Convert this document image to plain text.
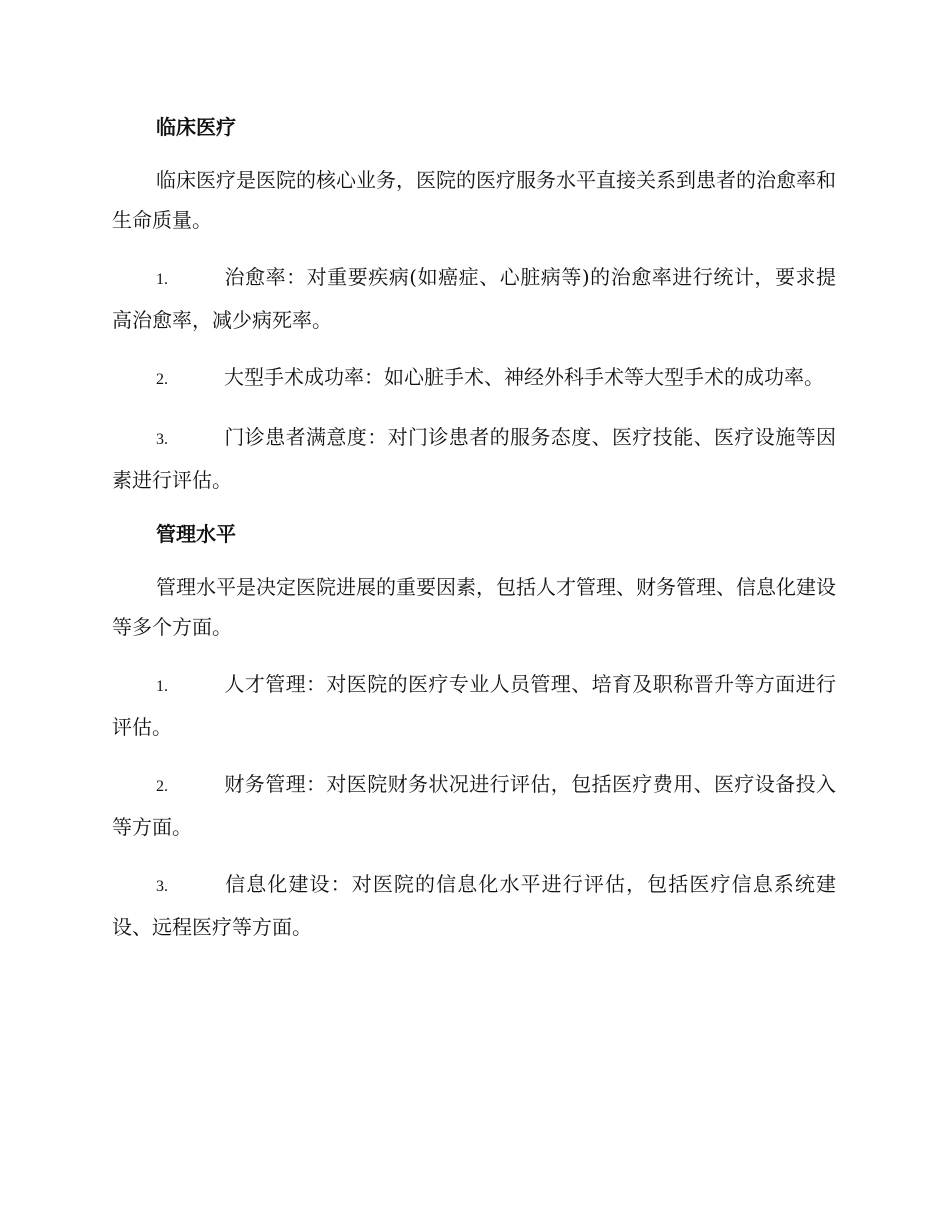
临床医疗

临床医疗是医院的核心业务，医院的医疗服务水平直接关系到患者的治愈率和生命质量。

1.	治愈率：对重要疾病(如癌症、心脏病等)的治愈率进行统计，要求提高治愈率，减少病死率。

2.	大型手术成功率：如心脏手术、神经外科手术等大型手术的成功率。

3.	门诊患者满意度：对门诊患者的服务态度、医疗技能、医疗设施等因素进行评估。

管理水平

管理水平是决定医院进展的重要因素，包括人才管理、财务管理、信息化建设等多个方面。

1.	人才管理：对医院的医疗专业人员管理、培育及职称晋升等方面进行评估。

2.	财务管理：对医院财务状况进行评估，包括医疗费用、医疗设备投入等方面。

3.	信息化建设：对医院的信息化水平进行评估，包括医疗信息系统建设、远程医疗等方面。
